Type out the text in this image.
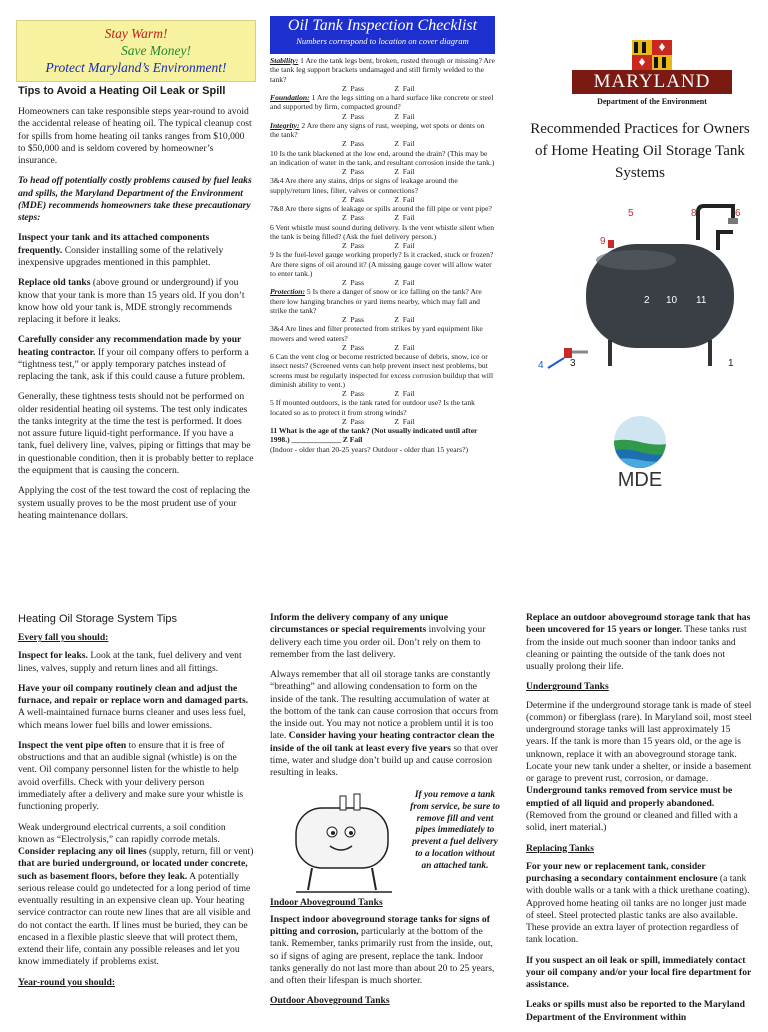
Stay Warm!
Save Money!
Protect Maryland’s Environment!
Tips to Avoid a Heating Oil Leak or Spill

Homeowners can take responsible steps year-round to avoid the accidental release of heating oil. The typical cleanup cost for spills from home heating oil tanks ranges from $10,000 to $50,000 and is seldom covered by homeowner’s insurance.

To head off potentially costly problems caused by fuel leaks and spills, the Maryland Department of the Environment (MDE) recommends homeowners take these precautionary steps:

Inspect your tank and its attached components frequently. Consider installing some of the relatively inexpensive upgrades mentioned in this pamphlet.

Replace old tanks (above ground or underground) if you know that your tank is more than 15 years old. If you don’t know how old your tank is, MDE strongly recommends replacing it before it leaks.

Carefully consider any recommendation made by your heating contractor. If your oil company offers to perform a “tightness test,” or apply temporary patches instead of replacing the tank, ask if this could cause a future problem.

Generally, these tightness tests should not be performed on older residential heating oil systems. The test only indicates the tanks integrity at the time the test is performed. It does not assure future liquid-tight performance. If you have a tank, fuel delivery line, valves, piping or fittings that may be in questionable condition, then it is probably better to replace the equipment that is causing the concern.

Applying the cost of the test toward the cost of replacing the system usually proves to be the most prudent use of your heating maintenance dollars.

Oil Tank Inspection Checklist
Numbers correspond to location on cover diagram
Stability: 1 Are the tank legs bent, broken, rusted through or missing? Are the tank leg support brackets undamaged and still firmly welded to the tank?
Z  Pass                Z  Fail
Foundation: 1 Are the legs sitting on a hard surface like concrete or steel and supported by firm, compacted ground?
Z  Pass                Z  Fail
Integrity: 2 Are there any signs of rust, weeping, wet spots or dents on the tank?
Z  Pass                Z  Fail
10 Is the tank blackened at the low end, around the drain? (This may be an indication of water in the tank, and resultant corrosion inside the tank.)
Z  Pass                Z  Fail
3&4 Are there any stains, drips or signs of leakage around the supply/return lines, filter, valves or connections?
Z  Pass                Z  Fail
7&8 Are there signs of leakage or spills around the fill pipe or vent pipe?
Z  Pass                Z  Fail
6 Vent whistle must sound during delivery. Is the vent whistle silent when the tank is being filled? (Ask the fuel delivery person.)
Z  Pass                Z  Fail
9 Is the fuel-level gauge working properly? Is it cracked, stuck or frozen? Are there signs of oil around it? (A missing gauge cover will allow water to enter tank.)
Z  Pass                Z  Fail
Protection: 5 Is there a danger of snow or ice falling on the tank? Are there low hanging branches or yard items nearby, which may fall and strike the tank?
Z  Pass                Z  Fail
3&4 Are lines and filter protected from strikes by yard equipment like mowers and weed eaters?
Z  Pass                Z  Fail
6 Can the vent clog or become restricted because of debris, snow, ice or insect nests? (Screened vents can help prevent insect nest problems, but screens must be regularly inspected for excess corrosion buildup that will diminish ability to vent.)
Z  Pass                Z  Fail
5 If mounted outdoors, is the tank rated for outdoor use? Is the tank located so as to protect it from strong winds?
Z  Pass                Z  Fail
11 What is the age of the tank? (Not usually indicated until after 1998.) _____________ Z Fail
(Indoor - older than 20-25 years? Outdoor - older than 15 years?)
MARYLAND
Department of the Environment
Recommended Practices for Owners of Home Heating Oil Storage Tank Systems
5	8	6
9
7
2 10 11
4	3	1
MDE
Heating Oil Storage System Tips
Every fall you should:

Inspect for leaks. Look at the tank, fuel delivery and vent lines, valves, supply and return lines and all fittings.

Have your oil company routinely clean and adjust the furnace, and repair or replace worn and damaged parts. A well-maintained furnace burns cleaner and uses less fuel, which means lower fuel bills and lower emissions.

Inspect the vent pipe often to ensure that it is free of obstructions and that an audible signal (whistle) is on the vent. Oil company personnel listen for the whistle to help avoid overfills. Check with your delivery person immediately after a delivery and make sure your whistle is functioning properly.

Weak underground electrical currents, a soil condition known as “Electrolysis,” can rapidly corrode metals. Consider replacing any oil lines (supply, return, fill or vent) that are buried underground, or located under concrete, such as basement floors, before they leak. A potentially serious release could go undetected for a long period of time eventually resulting in an expensive clean up. Your heating service contractor can route new lines that are all visible and do not contact the earth. If lines must be buried, they can be encased in a flexible plastic sleeve that will protect them, extend their life, contain any possible releases and let you know immediately if problems exist.

Year-round you should:

Inform the delivery company of any unique circumstances or special requirements involving your delivery each time you order oil. Don’t rely on them to remember from the last delivery.

Always remember that all oil storage tanks are constantly “breathing” and allowing condensation to form on the inside of the tank. The resulting accumulation of water at the bottom of the tank can cause corrosion that occurs from the inside out. You may not notice a problem until it is too late. Consider having your heating contractor clean the inside of the oil tank at least every five years so that over time, water and sludge don’t build up and cause corrosion resulting in leaks.

Indoor Aboveground Tanks

Inspect indoor aboveground storage tanks for signs of pitting and corrosion, particularly at the bottom of the tank. Remember, tanks primarily rust from the inside, out, so if signs of aging are present, replace the tank. Indoor tanks generally do not last more than about 20 to 25 years, and often their lifespan is much shorter.

Outdoor Aboveground Tanks
If you remove a tank from service, be sure to remove fill and vent pipes immediately to prevent a fuel delivery to a location without an attached tank.

Replace an outdoor aboveground storage tank that has been uncovered for 15 years or longer. These tanks rust from the inside out much sooner than indoor tanks and cleaning or painting the outside of the tank does not usually prolong their life.

Underground Tanks

Determine if the underground storage tank is made of steel (common) or fiberglass (rare). In Maryland soil, most steel underground storage tanks will last approximately 15 years. If the tank is more than 15 years old, or the age is unknown, replace it with an aboveground storage tank. Locate your new tank under a shelter, or inside a basement or garage to prevent rust, corrosion, or damage. Underground tanks removed from service must be emptied of all liquid and properly abandoned. (Removed from the ground or cleaned and filled with a solid, inert material.)

Replacing Tanks

For your new or replacement tank, consider purchasing a secondary containment enclosure (a tank with double walls or a tank with a thick urethane coating). Approved home heating oil tanks are no longer just made of steel. Steel protected plastic tanks are also available. These provide an extra layer of protection regardless of tank location.

If you suspect an oil leak or spill, immediately contact your oil company and/or your local fire department for assistance.

Leaks or spills must also be reported to the Maryland Department of the Environment within
